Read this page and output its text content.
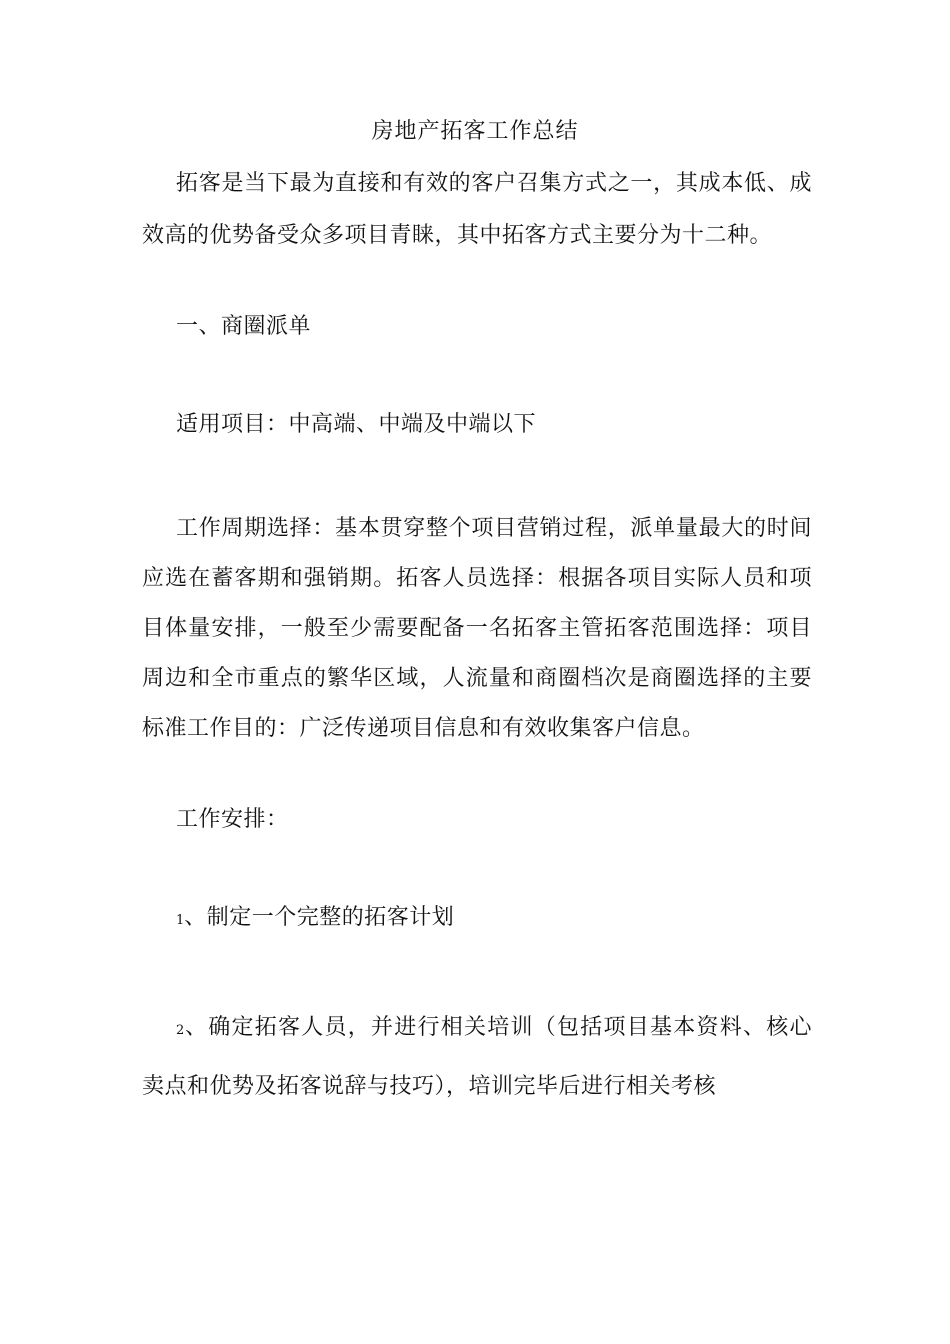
房地产拓客工作总结

拓客是当下最为直接和有效的客户召集方式之一，其成本低、成效高的优势备受众多项目青睐，其中拓客方式主要分为十二种。

一、商圈派单

适用项目：中高端、中端及中端以下

工作周期选择：基本贯穿整个项目营销过程，派单量最大的时间应选在蓄客期和强销期。拓客人员选择：根据各项目实际人员和项目体量安排，一般至少需要配备一名拓客主管拓客范围选择：项目周边和全市重点的繁华区域，人流量和商圈档次是商圈选择的主要标准工作目的：广泛传递项目信息和有效收集客户信息。

工作安排：

1、制定一个完整的拓客计划

2、确定拓客人员，并进行相关培训（包括项目基本资料、核心卖点和优势及拓客说辞与技巧），培训完毕后进行相关考核
